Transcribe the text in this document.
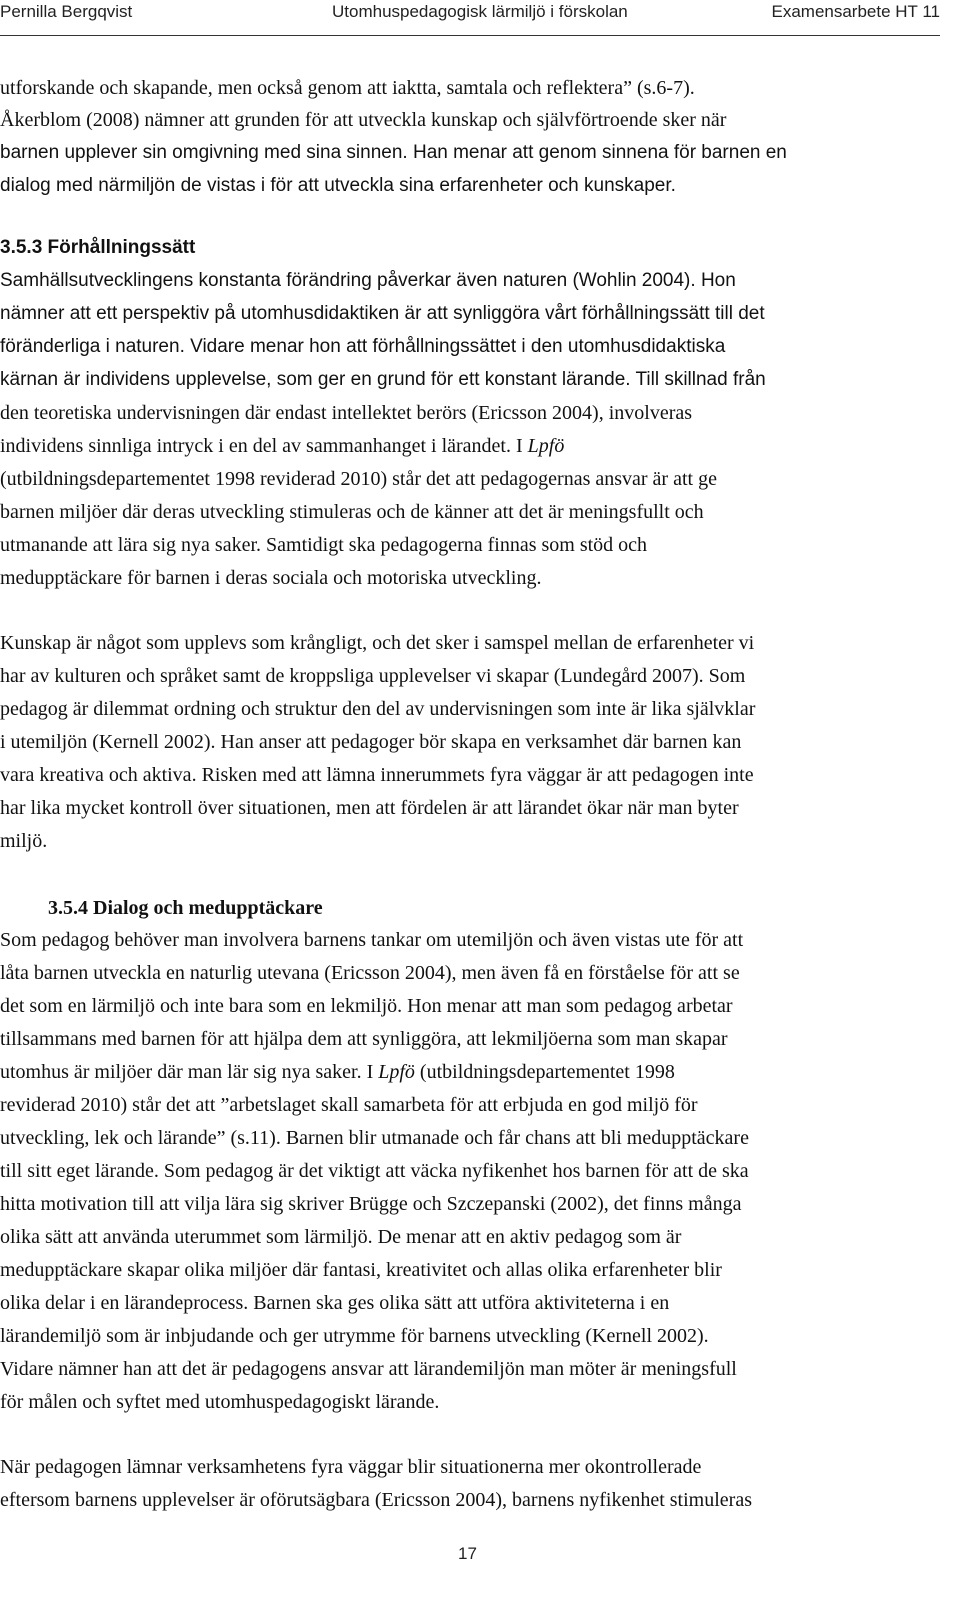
Pernilla Bergqvist	Utomhuspedagogisk lärmiljö i förskolan	Examensarbete HT 11
utforskande och skapande, men också genom att iaktta, samtala och reflektera” (s.6-7).
Åkerblom (2008) nämner att grunden för att utveckla kunskap och självförtroende sker när
barnen upplever sin omgivning med sina sinnen. Han menar att genom sinnena för barnen en
dialog med närmiljön de vistas i för att utveckla sina erfarenheter och kunskaper.
3.5.3 Förhållningssätt
Samhällsutvecklingens konstanta förändring påverkar även naturen (Wohlin 2004). Hon
nämner att ett perspektiv på utomhusdidaktiken är att synliggöra vårt förhållningssätt till det
föränderliga i naturen. Vidare menar hon att förhållningssättet i den utomhusdidaktiska
kärnan är individens upplevelse, som ger en grund för ett konstant lärande. Till skillnad från
den teoretiska undervisningen där endast intellektet berörs (Ericsson 2004), involveras
individens sinnliga intryck i en del av sammanhanget i lärandet. I Lpfö
(utbildningsdepartementet 1998 reviderad 2010) står det att pedagogernas ansvar är att ge
barnen miljöer där deras utveckling stimuleras och de känner att det är meningsfullt och
utmanande att lära sig nya saker. Samtidigt ska pedagogerna finnas som stöd och
medupptäckare för barnen i deras sociala och motoriska utveckling.
Kunskap är något som upplevs som krångligt, och det sker i samspel mellan de erfarenheter vi
har av kulturen och språket samt de kroppsliga upplevelser vi skapar (Lundegård 2007). Som
pedagog är dilemmat ordning och struktur den del av undervisningen som inte är lika självklar
i utemiljön (Kernell 2002). Han anser att pedagoger bör skapa en verksamhet där barnen kan
vara kreativa och aktiva. Risken med att lämna innerummets fyra väggar är att pedagogen inte
har lika mycket kontroll över situationen, men att fördelen är att lärandet ökar när man byter
miljö.
3.5.4 Dialog och medupptäckare
Som pedagog behöver man involvera barnens tankar om utemiljön och även vistas ute för att
låta barnen utveckla en naturlig utevana (Ericsson 2004), men även få en förståelse för att se
det som en lärmiljö och inte bara som en lekmiljö. Hon menar att man som pedagog arbetar
tillsammans med barnen för att hjälpa dem att synliggöra, att lekmiljöerna som man skapar
utomhus är miljöer där man lär sig nya saker. I Lpfö (utbildningsdepartementet 1998
reviderad 2010) står det att ”arbetslaget skall samarbeta för att erbjuda en god miljö för
utveckling, lek och lärande” (s.11). Barnen blir utmanade och får chans att bli medupptäckare
till sitt eget lärande. Som pedagog är det viktigt att väcka nyfikenhet hos barnen för att de ska
hitta motivation till att vilja lära sig skriver Brügge och Szczepanski (2002), det finns många
olika sätt att använda uterummet som lärmiljö. De menar att en aktiv pedagog som är
medupptäckare skapar olika miljöer där fantasi, kreativitet och allas olika erfarenheter blir
olika delar i en lärandeprocess. Barnen ska ges olika sätt att utföra aktiviteterna i en
lärandemiljö som är inbjudande och ger utrymme för barnens utveckling (Kernell 2002).
Vidare nämner han att det är pedagogens ansvar att lärandemiljön man möter är meningsfull
för målen och syftet med utomhuspedagogiskt lärande.
När pedagogen lämnar verksamhetens fyra väggar blir situationerna mer okontrollerade
eftersom barnens upplevelser är oförutsägbara (Ericsson 2004), barnens nyfikenhet stimuleras
17
